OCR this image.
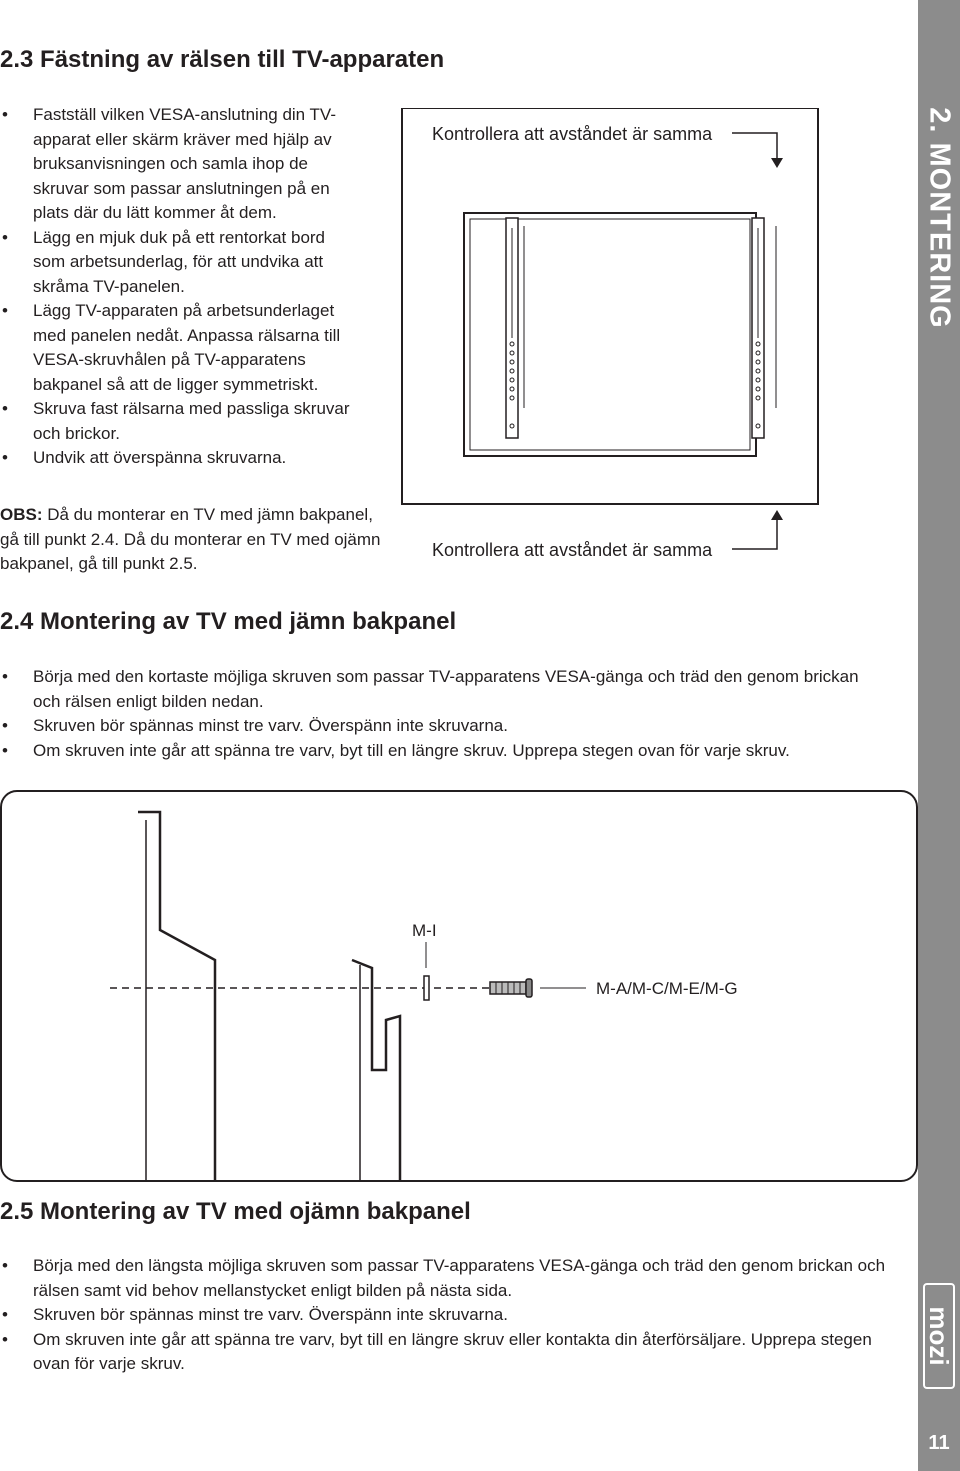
2.3 Fästning av rälsen till TV-apparaten
• Fastställ vilken VESA-anslutning din TV-apparat eller skärm kräver med hjälp av bruksanvisningen och samla ihop de skruvar som passar anslutningen på en plats där du lätt kommer åt dem.
• Lägg en mjuk duk på ett rentorkat bord som arbetsunderlag, för att undvika att skråma TV-panelen.
• Lägg TV-apparaten på arbetsunderlaget med panelen nedåt. Anpassa rälsarna till VESA-skruvhålen på TV-apparatens bakpanel så att de ligger symmetriskt.
• Skruva fast rälsarna med passliga skruvar och brickor.
• Undvik att överspänna skruvarna.
OBS: Då du monterar en TV med jämn bakpanel, gå till punkt 2.4. Då du monterar en TV med ojämn bakpanel, gå till punkt 2.5.
Kontrollera att avståndet är samma
Kontrollera att avståndet är samma
2.4 Montering av TV med jämn bakpanel
• Börja med den kortaste möjliga skruven som passar TV-apparatens VESA-gänga och träd den genom brickan och rälsen enligt bilden nedan.
• Skruven bör spännas minst tre varv. Överspänn inte skruvarna.
• Om skruven inte går att spänna tre varv, byt till en längre skruv. Upprepa stegen ovan för varje skruv.
M-I
M-A/M-C/M-E/M-G
2.5 Montering av TV med ojämn bakpanel
• Börja med den längsta möjliga skruven som passar TV-apparatens VESA-gänga och träd den genom brickan och rälsen samt vid behov mellanstycket enligt bilden på nästa sida.
• Skruven bör spännas minst tre varv. Överspänn inte skruvarna.
• Om skruven inte går att spänna tre varv, byt till en längre skruv eller kontakta din återförsäljare. Upprepa stegen ovan för varje skruv.
2. MONTERING
mozi
11
